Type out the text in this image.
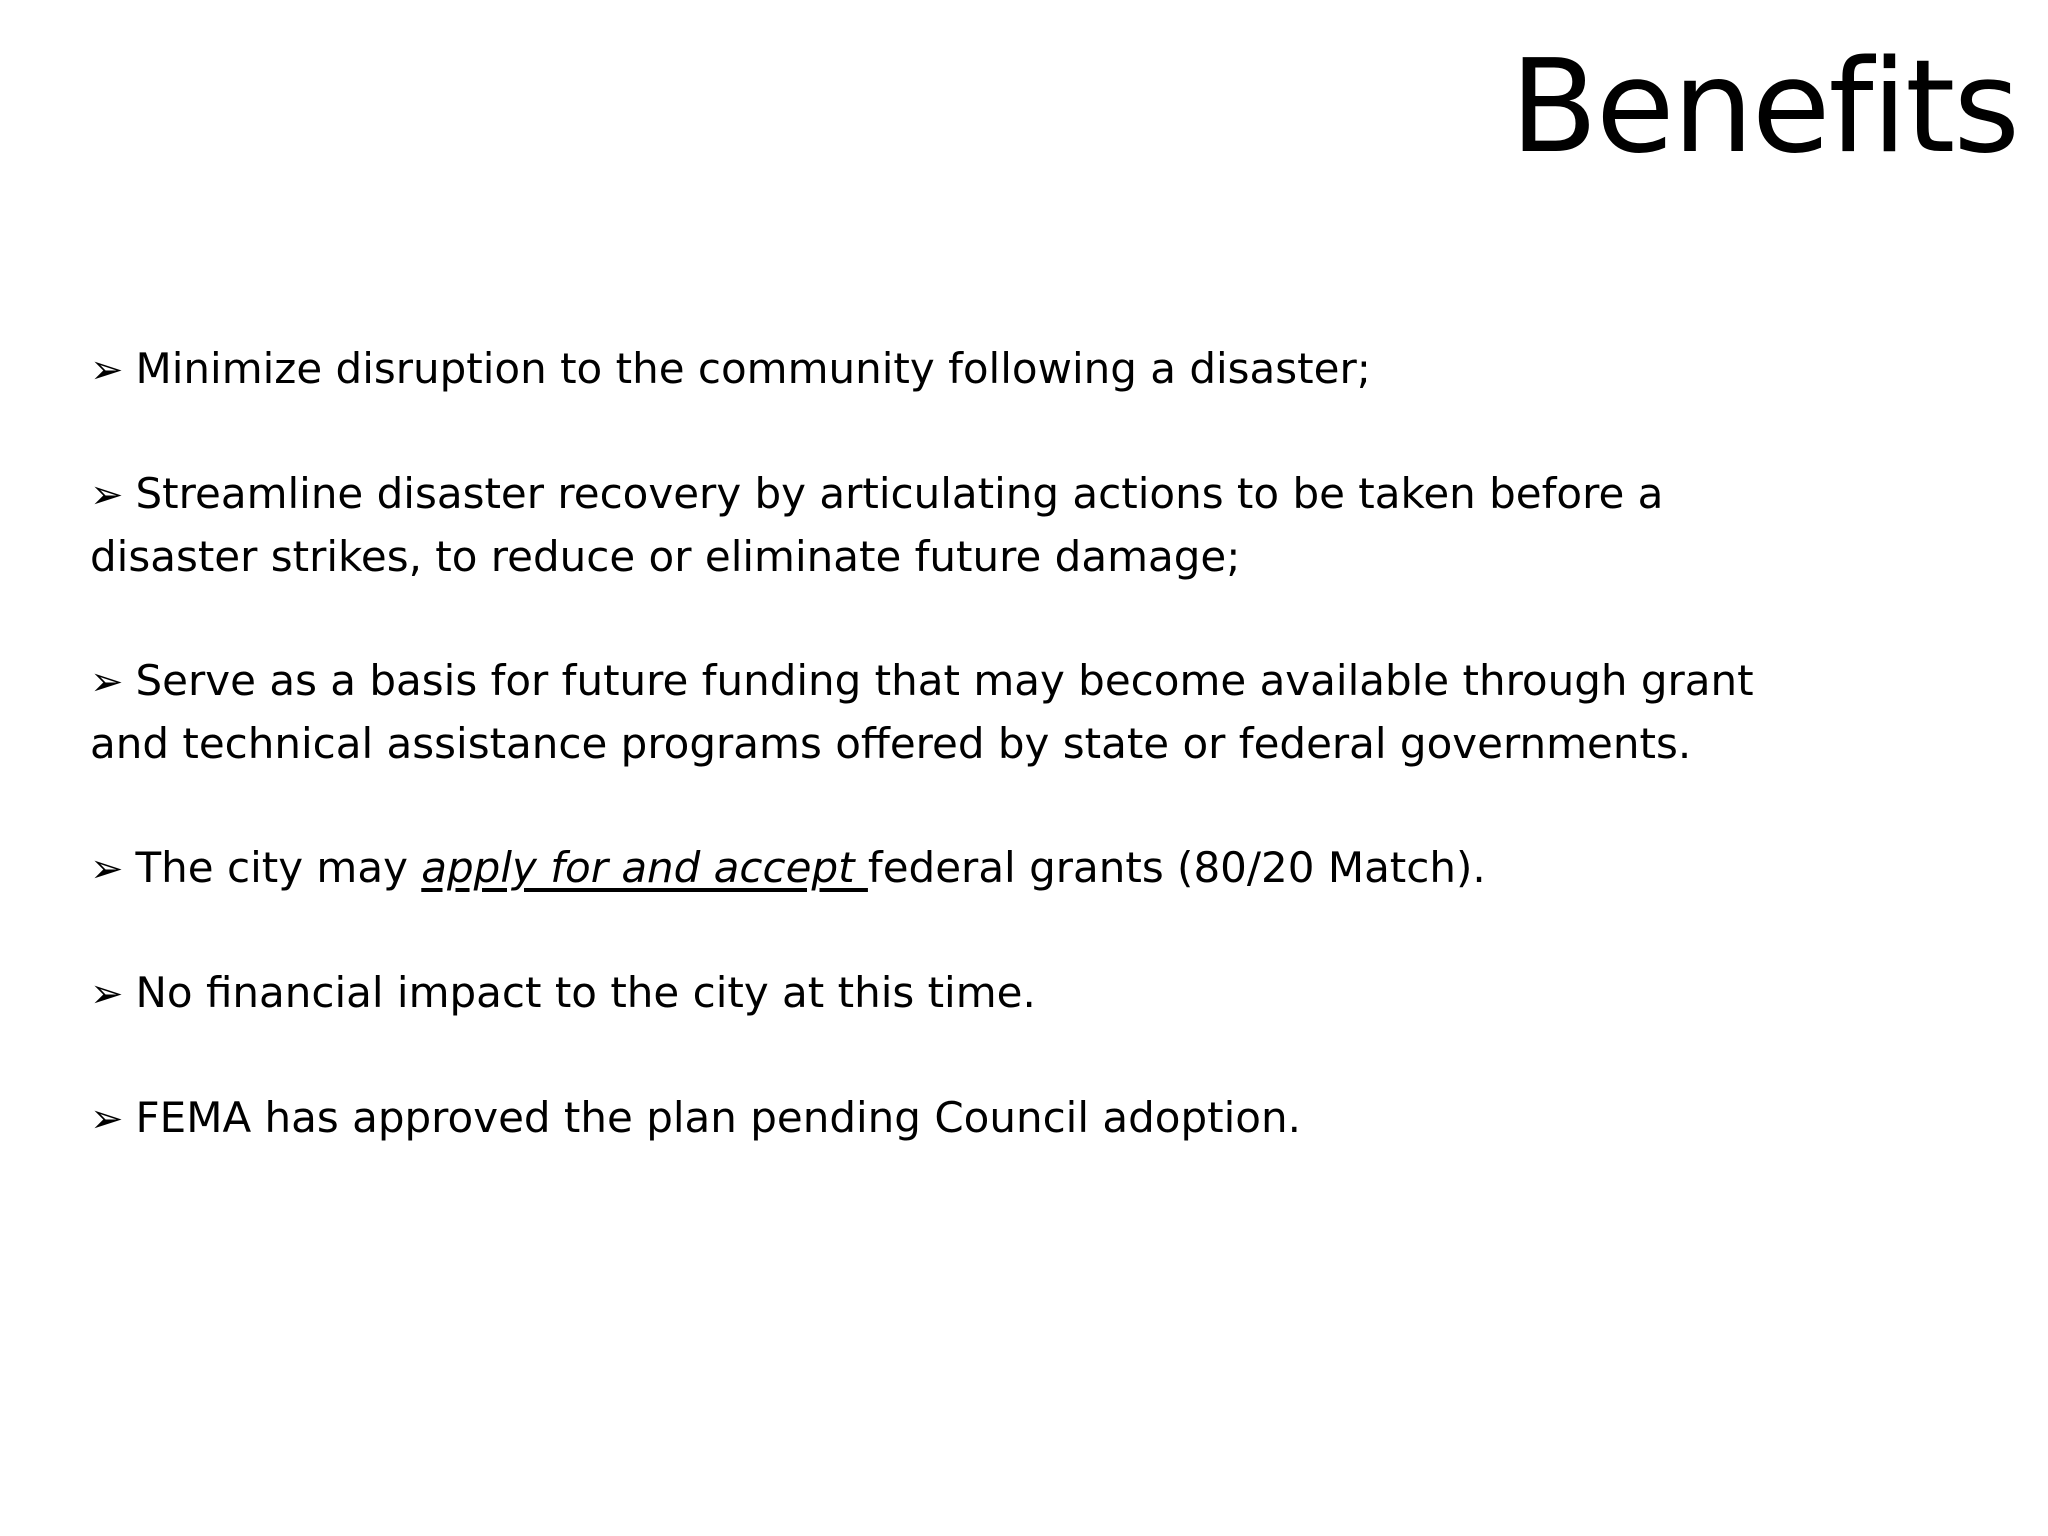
Benefits
➢ Minimize disruption to the community following a disaster;
➢ Streamline disaster recovery by articulating actions to be taken before a disaster strikes, to reduce or eliminate future damage;
➢ Serve as a basis for future funding that may become available through grant and technical assistance programs offered by state or federal governments.
➢ The city may apply for and accept federal grants (80/20 Match).
➢ No financial impact to the city at this time.
➢ FEMA has approved the plan pending Council adoption.
